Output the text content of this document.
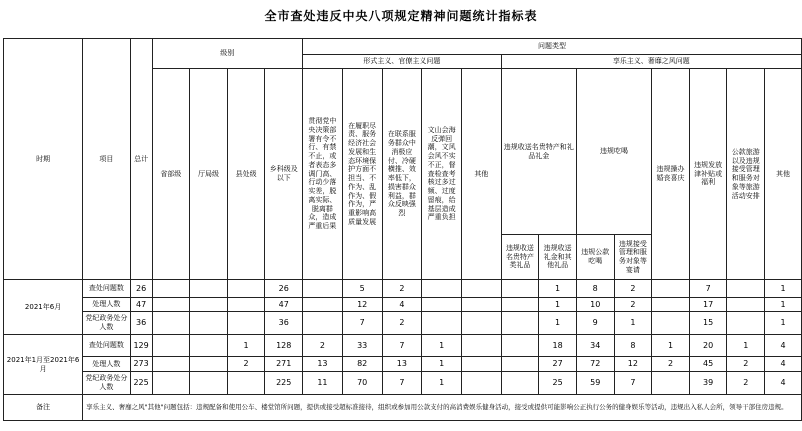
全市查处违反中央八项规定精神问题统计指标表
时期	项目	总计	级别				问题类型												
							形式主义、官僚主义问题					享乐主义、奢靡之风问题							
			省部级	厅局级	县处级	乡科级及以下	贯彻党中央决策部署有令不行、有禁不止，或者表态多调门高、行动少落实差，脱离实际、脱离群众，造成严重后果	在履职尽责、服务经济社会发展和生态环境保护方面不担当、不作为、乱作为、假作为，严重影响高质量发展	在联系服务群众中消极应付、冷硬横推、效率低下，损害群众利益，群众反映强烈	文山会海反弹回潮，文风会风不实不正，督查检查考核过多过频、过度留痕，给基层造成严重负担	其他	违规收送名贵特产和礼品礼金		违规吃喝		违规操办婚丧喜庆	违规发放津补贴或福利	公款旅游以及违规接受管理和服务对象等旅游活动安排	其他
												违规收送名贵特产类礼品	违规收送礼金和其他礼品	违规公款吃喝	违规接受管理和服务对象等宴请				
2021年6月	查处问题数	26				26		5	2				1	8	2		7		1
	处理人数	47				47		12	4				1	10	2		17		1
	党纪政务处分人数	36				36		7	2				1	9	1		15		1
2021年1月至2021年6月	查处问题数	129			1	128	2	33	7	1			18	34	8	1	20	1	4
	处理人数	273			2	271	13	82	13	1			27	72	12	2	45	2	4
	党纪政务处分人数	225				225	11	70	7	1			25	59	7		39	2	4
备注	享乐主义、奢靡之风"其他"问题包括：违规配备和使用公车、楼堂馆所问题，提供或接受超标准接待，组织或参加用公款支付的高消费娱乐健身活动，接受或提供可能影响公正执行公务的健身娱乐等活动，违规出入私人会所，领导干部住房违规。																		
